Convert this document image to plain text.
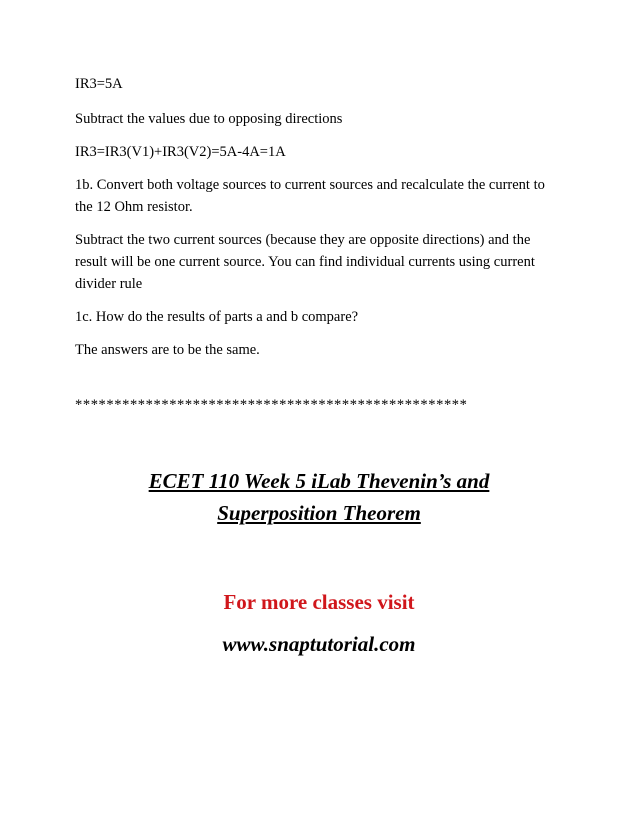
IR3=5A

Subtract the values due to opposing directions

IR3=IR3(V1)+IR3(V2)=5A-4A=1A

1b. Convert both voltage sources to current sources and recalculate the current to the 12 Ohm resistor.

Subtract the two current sources (because they are opposite directions) and the result will be one current source. You can find individual currents using current divider rule

1c. How do the results of parts a and b compare?

The answers are to be the same.

**************************************************

ECET 110 Week 5 iLab Thevenin’s and

Superposition Theorem

For more classes visit

www.snaptutorial.com
